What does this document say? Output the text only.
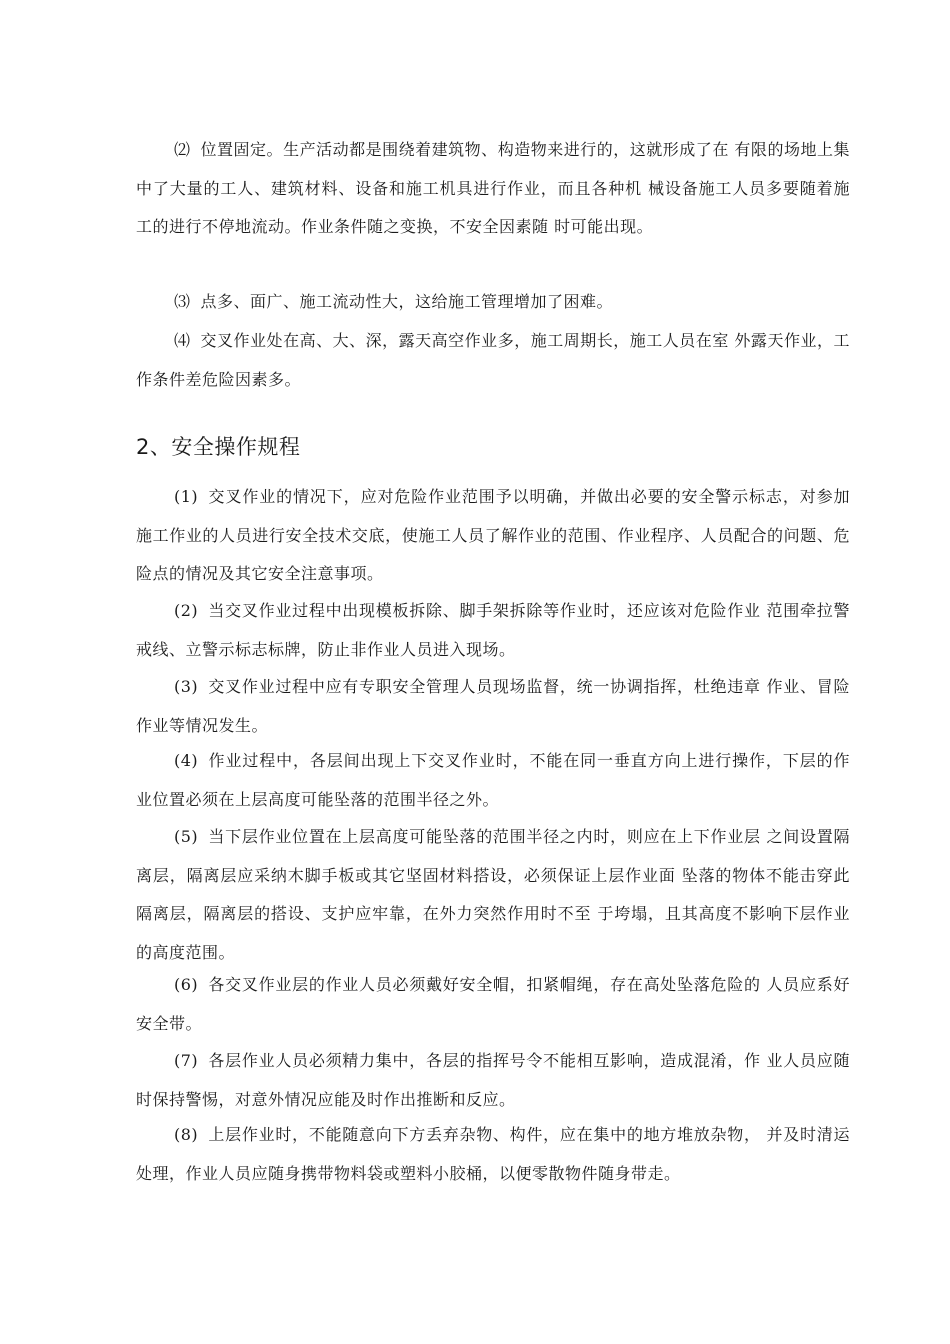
⑵ 位置固定。生产活动都是围绕着建筑物、构造物来进行的，这就形成了在 有限的场地上集中了大量的工人、建筑材料、设备和施工机具进行作业，而且各种机 械设备施工人员多要随着施工的进行不停地流动。作业条件随之变换，不安全因素随 时可能出现。

⑶ 点多、面广、施工流动性大，这给施工管理增加了困难。

⑷ 交叉作业处在高、大、深，露天高空作业多，施工周期长，施工人员在室 外露天作业，工作条件差危险因素多。

2、安全操作规程

(1) 交叉作业的情况下，应对危险作业范围予以明确，并做出必要的安全警示标志，对参加施工作业的人员进行安全技术交底，使施工人员了解作业的范围、作业程序、人员配合的问题、危险点的情况及其它安全注意事项。

(2) 当交叉作业过程中出现模板拆除、脚手架拆除等作业时，还应该对危险作业 范围牵拉警戒线、立警示标志标牌，防止非作业人员进入现场。

(3) 交叉作业过程中应有专职安全管理人员现场监督，统一协调指挥，杜绝违章 作业、冒险作业等情况发生。

(4) 作业过程中，各层间出现上下交叉作业时，不能在同一垂直方向上进行操作，下层的作业位置必须在上层高度可能坠落的范围半径之外。

(5) 当下层作业位置在上层高度可能坠落的范围半径之内时，则应在上下作业层 之间设置隔离层，隔离层应采纳木脚手板或其它坚固材料搭设，必须保证上层作业面 坠落的物体不能击穿此隔离层，隔离层的搭设、支护应牢靠，在外力突然作用时不至 于垮塌，且其高度不影响下层作业的高度范围。

(6) 各交叉作业层的作业人员必须戴好安全帽，扣紧帽绳，存在高处坠落危险的 人员应系好安全带。

(7) 各层作业人员必须精力集中，各层的指挥号令不能相互影响，造成混淆，作 业人员应随时保持警惕，对意外情况应能及时作出推断和反应。

(8) 上层作业时，不能随意向下方丢弃杂物、构件，应在集中的地方堆放杂物， 并及时清运处理，作业人员应随身携带物料袋或塑料小胶桶，以便零散物件随身带走。
